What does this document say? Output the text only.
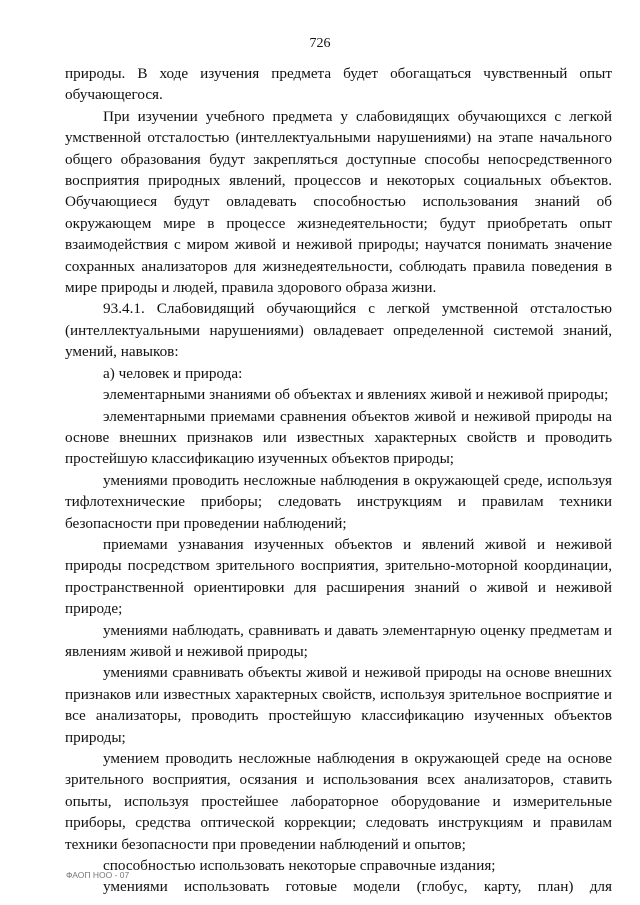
726

природы. В ходе изучения предмета будет обогащаться чувственный опыт обучающегося.

При изучении учебного предмета у слабовидящих обучающихся с легкой умственной отсталостью (интеллектуальными нарушениями) на этапе начального общего образования будут закрепляться доступные способы непосредственного восприятия природных явлений, процессов и некоторых социальных объектов. Обучающиеся будут овладевать способностью использования знаний об окружающем мире в процессе жизнедеятельности; будут приобретать опыт взаимодействия с миром живой и неживой природы; научатся понимать значение сохранных анализаторов для жизнедеятельности, соблюдать правила поведения в мире природы и людей, правила здорового образа жизни.

93.4.1. Слабовидящий обучающийся с легкой умственной отсталостью (интеллектуальными нарушениями) овладевает определенной системой знаний, умений, навыков:

а) человек и природа:

элементарными знаниями об объектах и явлениях живой и неживой природы;

элементарными приемами сравнения объектов живой и неживой природы на основе внешних признаков или известных характерных свойств и проводить простейшую классификацию изученных объектов природы;

умениями проводить несложные наблюдения в окружающей среде, используя тифлотехнические приборы; следовать инструкциям и правилам техники безопасности при проведении наблюдений;

приемами узнавания изученных объектов и явлений живой и неживой природы посредством зрительного восприятия, зрительно-моторной координации, пространственной ориентировки для расширения знаний о живой и неживой природе;

умениями наблюдать, сравнивать и давать элементарную оценку предметам и явлениям живой и неживой природы;

умениями сравнивать объекты живой и неживой природы на основе внешних признаков или известных характерных свойств, используя зрительное восприятие и все анализаторы, проводить простейшую классификацию изученных объектов природы;

умением проводить несложные наблюдения в окружающей среде на основе зрительного восприятия, осязания и использования всех анализаторов, ставить опыты, используя простейшее лабораторное оборудование и измерительные приборы, средства оптической коррекции; следовать инструкциям и правилам техники безопасности при проведении наблюдений и опытов;

способностью использовать некоторые справочные издания;

умениями использовать готовые модели (глобус, карту, план) для

ФАОП НОО - 07
